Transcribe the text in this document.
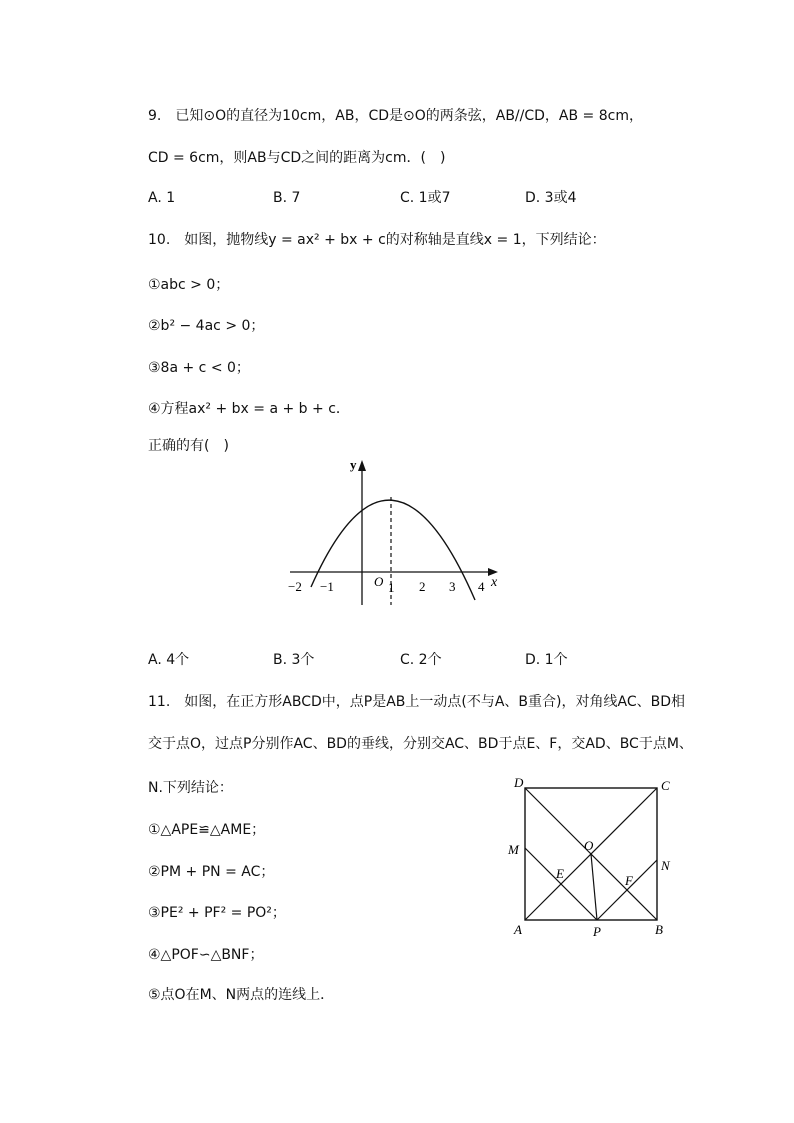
9.　已知⊙O的直径为10cm，AB，CD是⊙O的两条弦，AB//CD，AB = 8cm，
CD = 6cm，则AB与CD之间的距离为cm．(　)
A. 1	B. 7	C. 1或7	D. 3或4
10.　如图，抛物线y = ax² + bx + c的对称轴是直线x = 1，下列结论：
①abc > 0；
②b² − 4ac > 0；
③8a + c < 0；
④方程ax² + bx = a + b + c．
正确的有(　)
y
x
O
−2 −1	1 2 3 4
A. 4个	B. 3个	C. 2个	D. 1个
11.　如图，在正方形ABCD中，点P是AB上一动点(不与A、B重合)，对角线AC、BD相
交于点O，过点P分别作AC、BD的垂线，分别交AC、BD于点E、F，交AD、BC于点M、
N.下列结论：
①△APE≌△AME；
②PM + PN = AC；
③PE² + PF² = PO²；
④△POF∽△BNF；
⑤点O在M、N两点的连线上．
D	C
A	B
P
O
M
N
E	F
